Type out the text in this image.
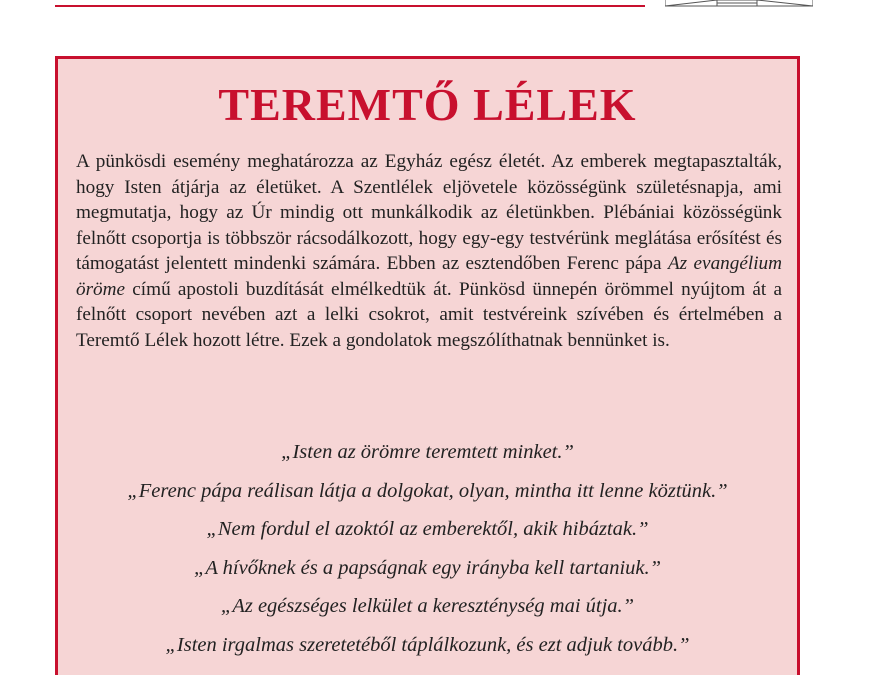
TEREMTŐ LÉLEK

A pünkösdi esemény meghatározza az Egyház egész életét. Az emberek megtapasztalták, hogy Isten átjárja az életüket. A Szentlélek eljövetele közösségünk születésnapja, ami megmutatja, hogy az Úr mindig ott munkálkodik az életünkben. Plébániai közösségünk felnőtt csoportja is többször rácsodálkozott, hogy egy-egy testvérünk meglátása erősítést és támogatást jelentett mindenki számára. Ebben az esztendőben Ferenc pápa Az evangélium öröme című apostoli buzdítását elmélkedtük át. Pünkösd ünnepén örömmel nyújtom át a felnőtt csoport nevében azt a lelki csokrot, amit testvéreink szívében és értelmében a Teremtő Lélek hozott létre. Ezek a gondolatok megszólíthatnak bennünket is.

„Isten az örömre teremtett minket.”
„Ferenc pápa reálisan látja a dolgokat, olyan, mintha itt lenne köztünk.”
„Nem fordul el azoktól az emberektől, akik hibáztak.”
„A hívőknek és a papságnak egy irányba kell tartaniuk.”
„Az egészséges lelkület a kereszténység mai útja.”
„Isten irgalmas szeretetéből táplálkozunk, és ezt adjuk tovább.”
